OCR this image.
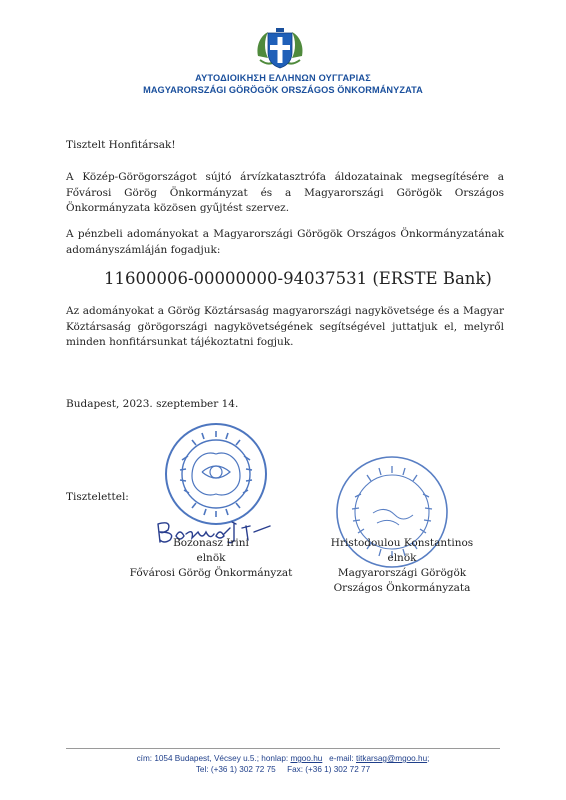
ΑΥΤΟΔΙΟΙΚΗΣΗ ΕΛΛΗΝΩΝ ΟΥΓΓΑΡΙΑΣ
MAGYARORSZÁGI GÖRÖGÖK ORSZÁGOS ÖNKORMÁNYZATA
Tisztelt Honfitársak!
A Közép-Görögországot sújtó árvízkatasztrófa áldozatainak megsegítésére a Fővárosi Görög Önkormányzat és a Magyarországi Görögök Országos Önkormányzata közösen gyűjtést szervez.
A pénzbeli adományokat a Magyarországi Görögök Országos Önkormányzatának adományszámláján fogadjuk:
11600006-00000000-94037531 (ERSTE Bank)
Az adományokat a Görög Köztársaság magyarországi nagykövetsége és a Magyar Köztársaság görögországi nagykövetségének segítségével juttatjuk el, melyről minden honfitársunkat tájékoztatni fogjuk.
Budapest, 2023. szeptember 14.
Tisztelettel:
Bozonasz Irini
elnök
Fővárosi Görög Önkormányzat
Hristodoulou Konstantinos
elnök
Magyarországi Görögök Országos Önkormányzata
cím: 1054 Budapest, Vécsey u.5.; honlap: mgoo.hu e-mail: titkarsag@mgoo.hu;
Tel: (+36 1) 302 72 75 Fax: (+36 1) 302 72 77
